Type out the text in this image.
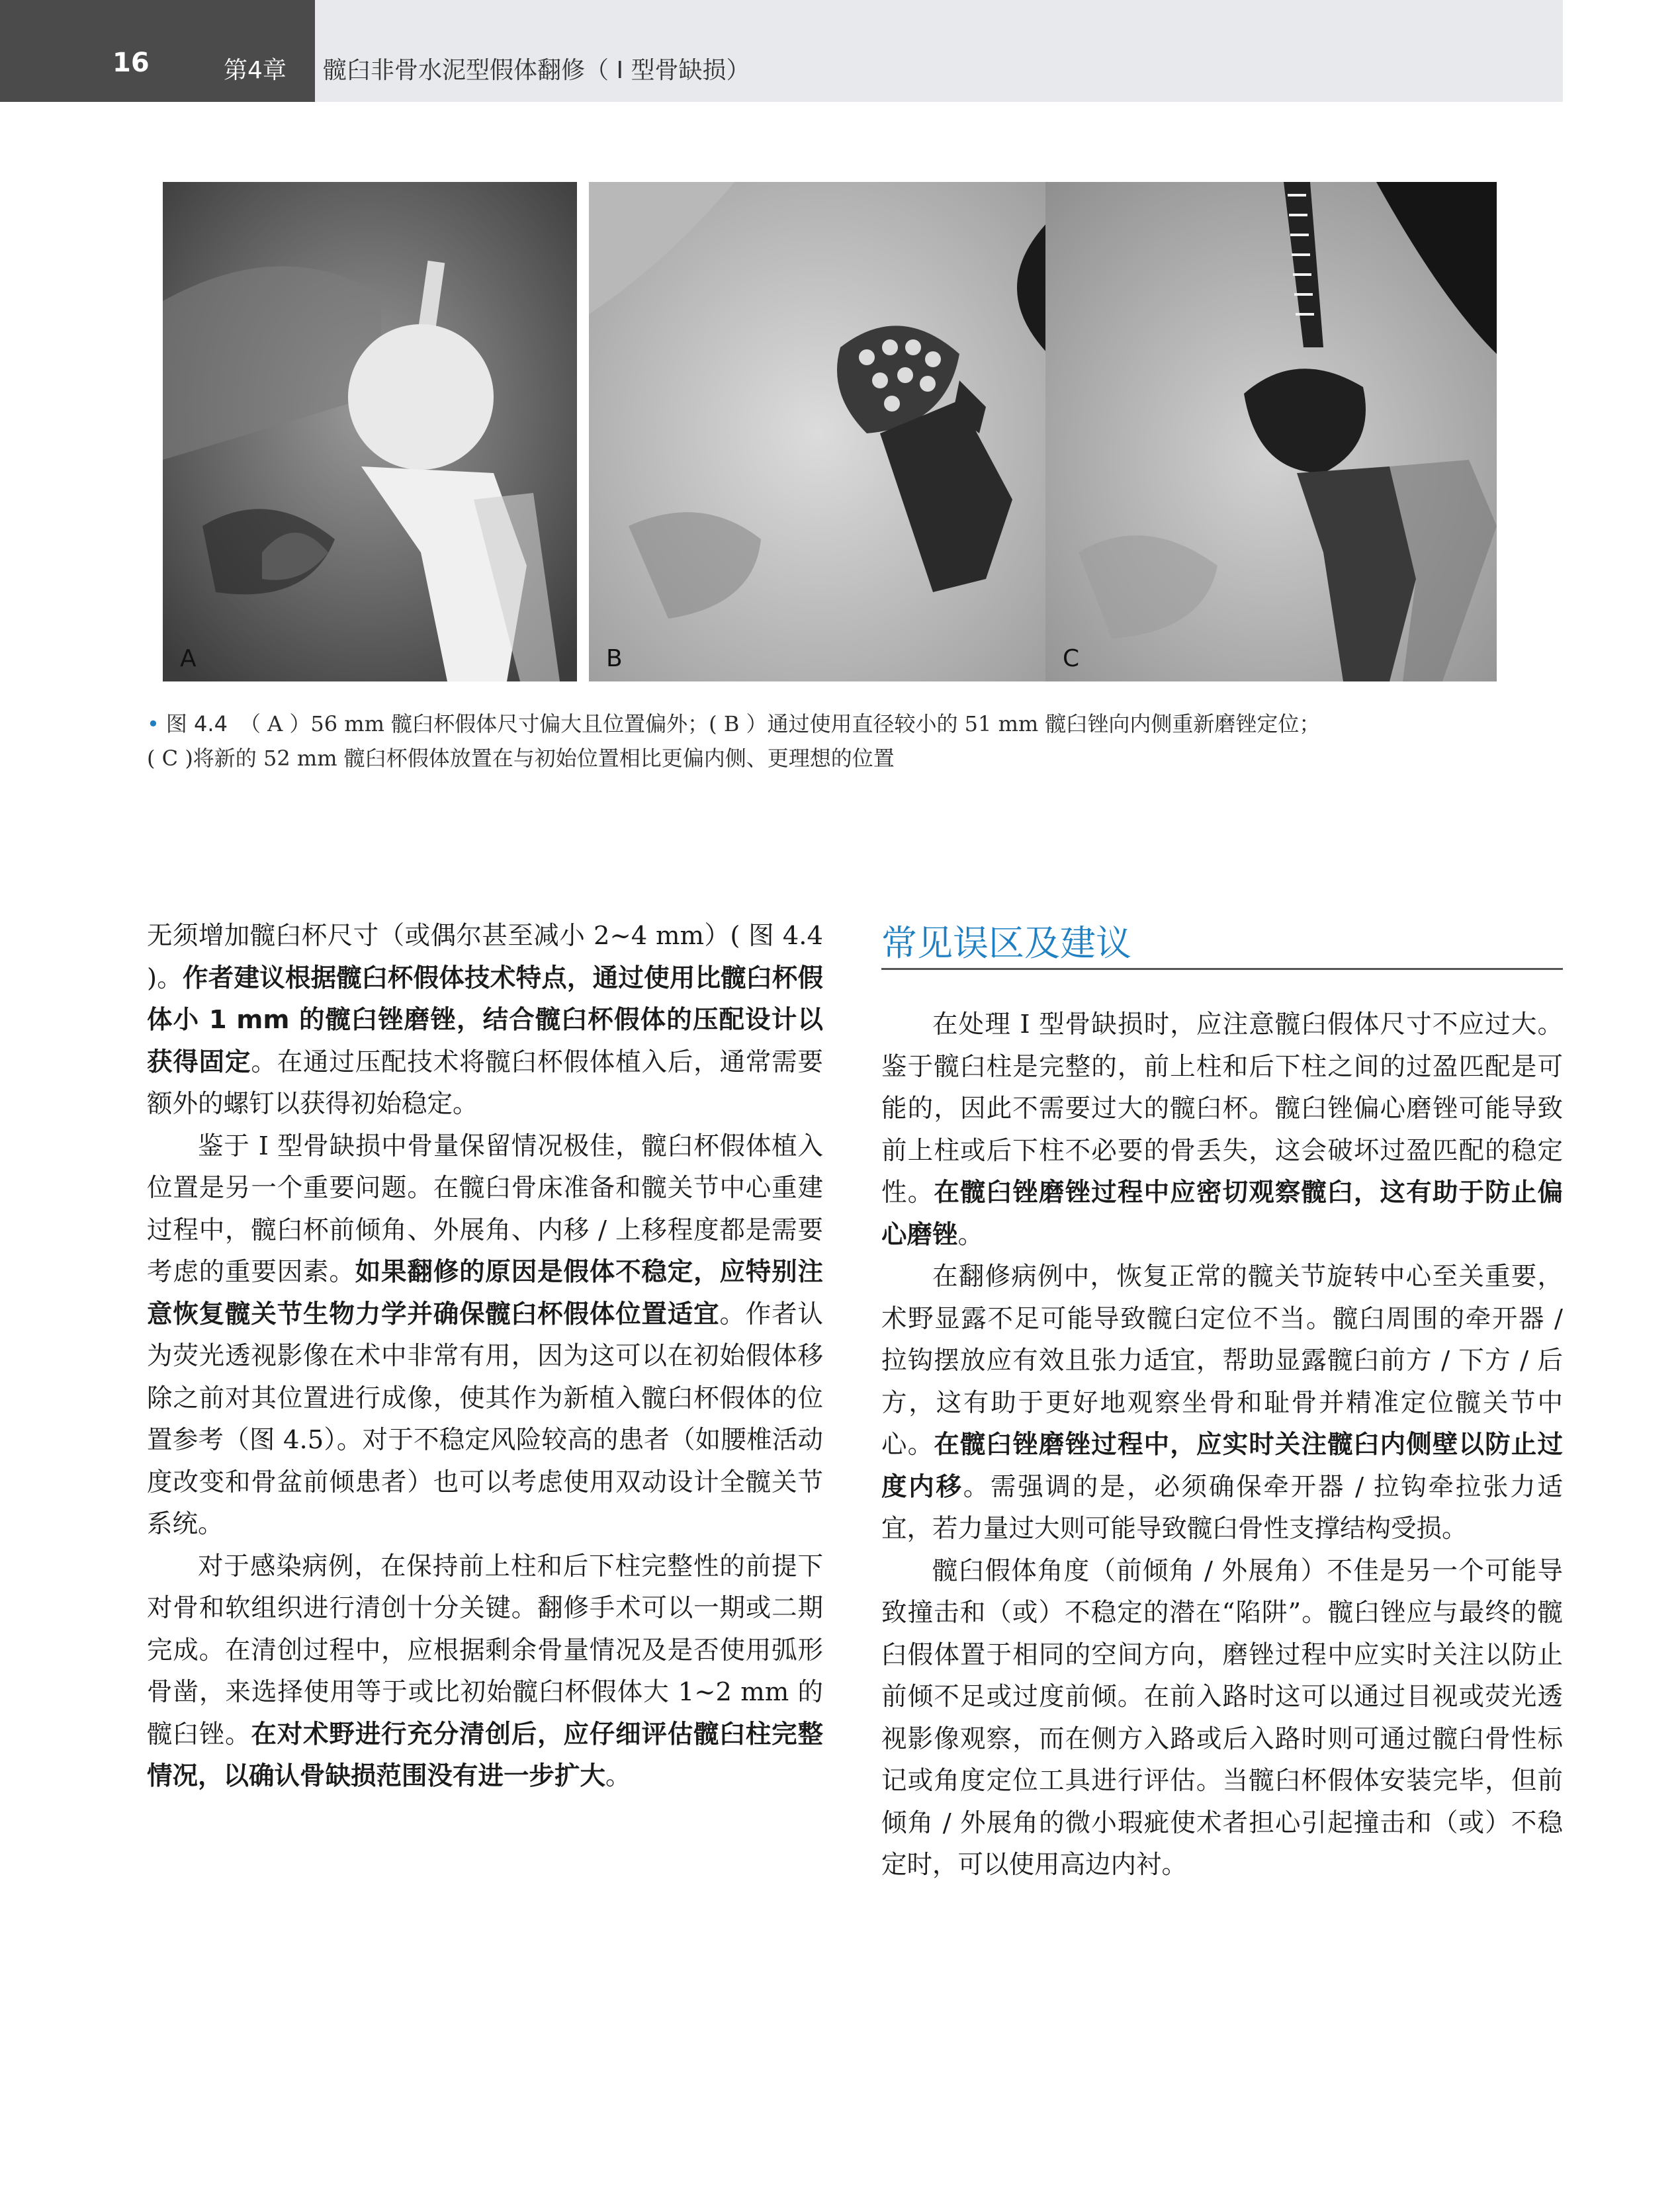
16	第4章 髋臼非骨水泥型假体翻修（ I 型骨缺损）
A	B	C
• 图 4.4 （ A ）56 mm 髋臼杯假体尺寸偏大且位置偏外；( B ）通过使用直径较小的 51 mm 髋臼锉向内侧重新磨锉定位；
( C )将新的 52 mm 髋臼杯假体放置在与初始位置相比更偏内侧、更理想的位置

无须增加髋臼杯尺寸（或偶尔甚至减小 2~4 mm）( 图 4.4 )。作者建议根据髋臼杯假体技术特点，通过使用比髋臼杯假体小 1 mm 的髋臼锉磨锉，结合髋臼杯假体的压配设计以获得固定。在通过压配技术将髋臼杯假体植入后，通常需要额外的螺钉以获得初始稳定。

鉴于 I 型骨缺损中骨量保留情况极佳，髋臼杯假体植入位置是另一个重要问题。在髋臼骨床准备和髋关节中心重建过程中，髋臼杯前倾角、外展角、内移 / 上移程度都是需要考虑的重要因素。如果翻修的原因是假体不稳定，应特别注意恢复髋关节生物力学并确保髋臼杯假体位置适宜。作者认为荧光透视影像在术中非常有用，因为这可以在初始假体移除之前对其位置进行成像，使其作为新植入髋臼杯假体的位置参考（图 4.5）。对于不稳定风险较高的患者（如腰椎活动度改变和骨盆前倾患者）也可以考虑使用双动设计全髋关节系统。

对于感染病例，在保持前上柱和后下柱完整性的前提下对骨和软组织进行清创十分关键。翻修手术可以一期或二期完成。在清创过程中，应根据剩余骨量情况及是否使用弧形骨凿，来选择使用等于或比初始髋臼杯假体大 1~2 mm 的髋臼锉。在对术野进行充分清创后，应仔细评估髋臼柱完整情况，以确认骨缺损范围没有进一步扩大。

常见误区及建议

在处理 I 型骨缺损时，应注意髋臼假体尺寸不应过大。鉴于髋臼柱是完整的，前上柱和后下柱之间的过盈匹配是可能的，因此不需要过大的髋臼杯。髋臼锉偏心磨锉可能导致前上柱或后下柱不必要的骨丢失，这会破坏过盈匹配的稳定性。在髋臼锉磨锉过程中应密切观察髋臼，这有助于防止偏心磨锉。

在翻修病例中，恢复正常的髋关节旋转中心至关重要，术野显露不足可能导致髋臼定位不当。髋臼周围的牵开器 / 拉钩摆放应有效且张力适宜，帮助显露髋臼前方 / 下方 / 后方，这有助于更好地观察坐骨和耻骨并精准定位髋关节中心。在髋臼锉磨锉过程中，应实时关注髋臼内侧壁以防止过度内移。需强调的是，必须确保牵开器 / 拉钩牵拉张力适宜，若力量过大则可能导致髋臼骨性支撑结构受损。

髋臼假体角度（前倾角 / 外展角）不佳是另一个可能导致撞击和（或）不稳定的潜在“陷阱”。髋臼锉应与最终的髋臼假体置于相同的空间方向，磨锉过程中应实时关注以防止前倾不足或过度前倾。在前入路时这可以通过目视或荧光透视影像观察，而在侧方入路或后入路时则可通过髋臼骨性标记或角度定位工具进行评估。当髋臼杯假体安装完毕，但前倾角 / 外展角的微小瑕疵使术者担心引起撞击和（或）不稳定时，可以使用高边内衬。
